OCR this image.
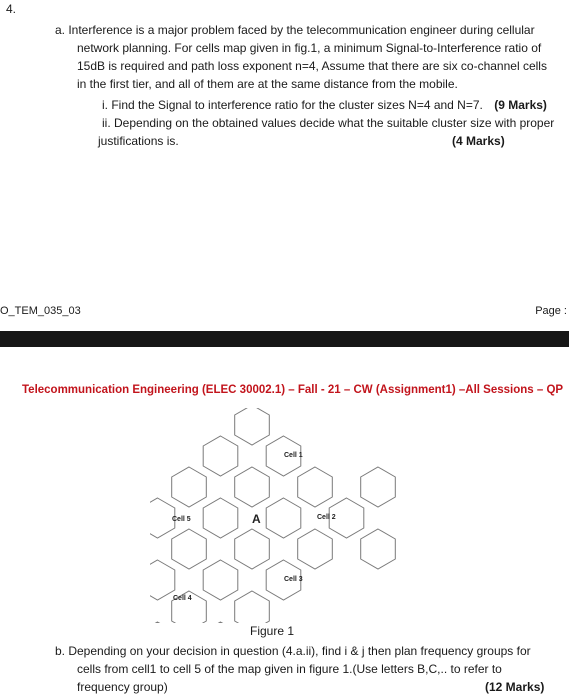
4.
a. Interference is a major problem faced by the telecommunication engineer during cellular
network planning. For cells map given in fig.1, a minimum Signal-to-Interference ratio of
15dB is required and path loss exponent n=4, Assume that there are six co-channel cells
in the first tier, and all of them are at the same distance from the mobile.
i. Find the Signal to interference ratio for the cluster sizes N=4 and N=7. (9 Marks)
ii. Depending on the obtained values decide what the suitable cluster size with proper
justifications is.	(4 Marks)
O_TEM_035_03	Page :
Telecommunication Engineering (ELEC 30002.1) – Fall - 21 – CW (Assignment1) –All Sessions – QP
Cell 1
Cell 2
Cell 3
Cell 4
Cell 5	A
Figure 1
b. Depending on your decision in question (4.a.ii), find i & j then plan frequency groups for
cells from cell1 to cell 5 of the map given in figure 1.(Use letters B,C,.. to refer to
frequency group)	(12 Marks)
